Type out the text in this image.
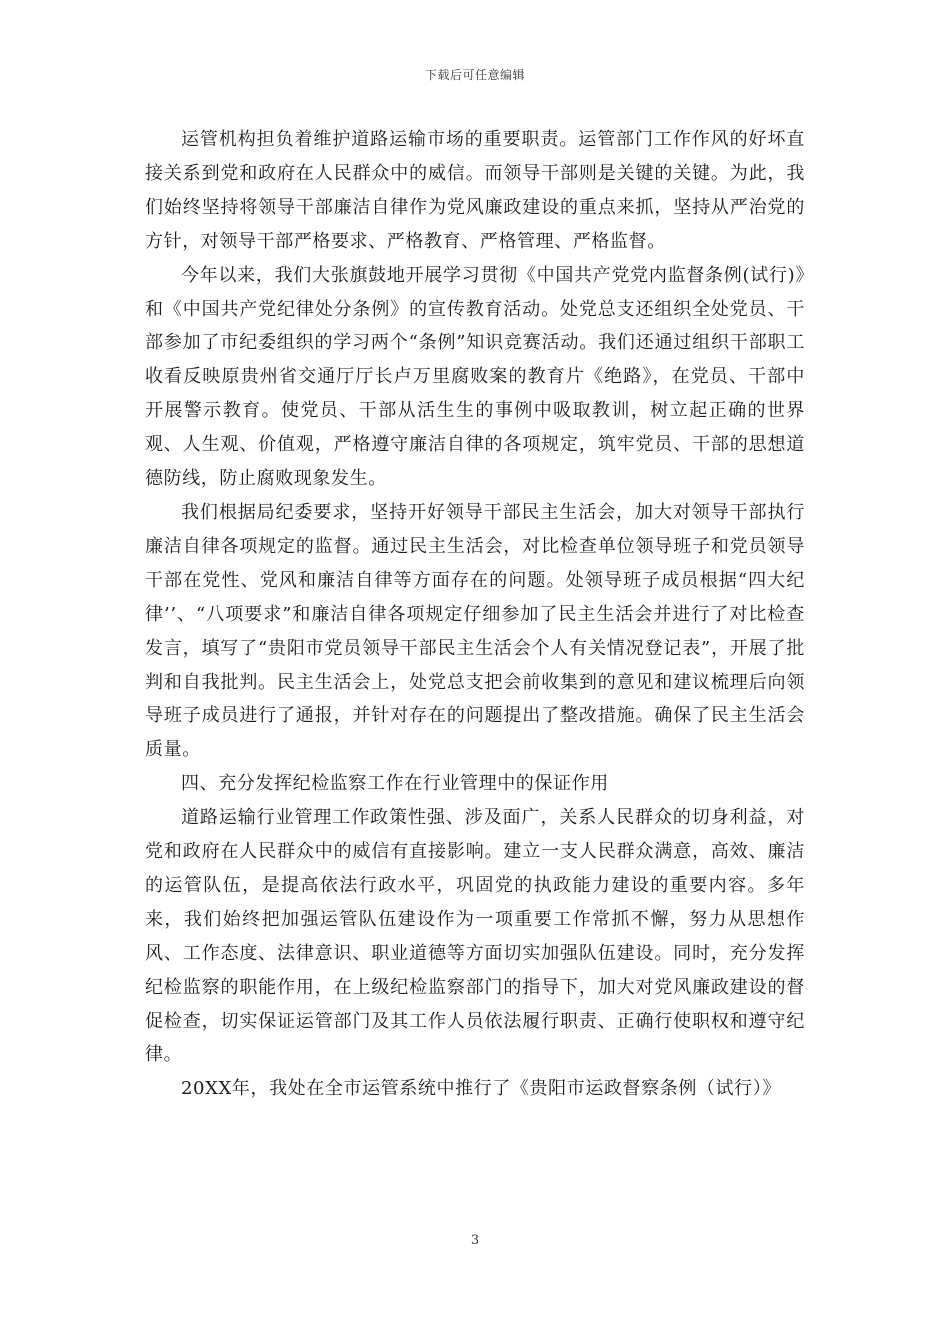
下载后可任意编辑

运管机构担负着维护道路运输市场的重要职责。运管部门工作作风的好坏直接关系到党和政府在人民群众中的威信。而领导干部则是关键的关键。为此，我们始终坚持将领导干部廉洁自律作为党风廉政建设的重点来抓，坚持从严治党的方针，对领导干部严格要求、严格教育、严格管理、严格监督。

今年以来，我们大张旗鼓地开展学习贯彻《中国共产党党内监督条例(试行)》和《中国共产党纪律处分条例》的宣传教育活动。处党总支还组织全处党员、干部参加了市纪委组织的学习两个“条例”知识竞赛活动。我们还通过组织干部职工收看反映原贵州省交通厅厅长卢万里腐败案的教育片《绝路》，在党员、干部中开展警示教育。使党员、干部从活生生的事例中吸取教训，树立起正确的世界观、人生观、价值观，严格遵守廉洁自律的各项规定，筑牢党员、干部的思想道德防线，防止腐败现象发生。

我们根据局纪委要求，坚持开好领导干部民主生活会，加大对领导干部执行廉洁自律各项规定的监督。通过民主生活会，对比检查单位领导班子和党员领导干部在党性、党风和廉洁自律等方面存在的问题。处领导班子成员根据“四大纪律’’、“八项要求”和廉洁自律各项规定仔细参加了民主生活会并进行了对比检查发言，填写了“贵阳市党员领导干部民主生活会个人有关情况登记表”，开展了批判和自我批判。民主生活会上，处党总支把会前收集到的意见和建议梳理后向领导班子成员进行了通报，并针对存在的问题提出了整改措施。确保了民主生活会质量。

四、充分发挥纪检监察工作在行业管理中的保证作用

道路运输行业管理工作政策性强、涉及面广，关系人民群众的切身利益，对党和政府在人民群众中的威信有直接影响。建立一支人民群众满意，高效、廉洁的运管队伍，是提高依法行政水平，巩固党的执政能力建设的重要内容。多年来，我们始终把加强运管队伍建设作为一项重要工作常抓不懈，努力从思想作风、工作态度、法律意识、职业道德等方面切实加强队伍建设。同时，充分发挥纪检监察的职能作用，在上级纪检监察部门的指导下，加大对党风廉政建设的督促检查，切实保证运管部门及其工作人员依法履行职责、正确行使职权和遵守纪律。

20XX年，我处在全市运管系统中推行了《贵阳市运政督察条例（试行）》

3
